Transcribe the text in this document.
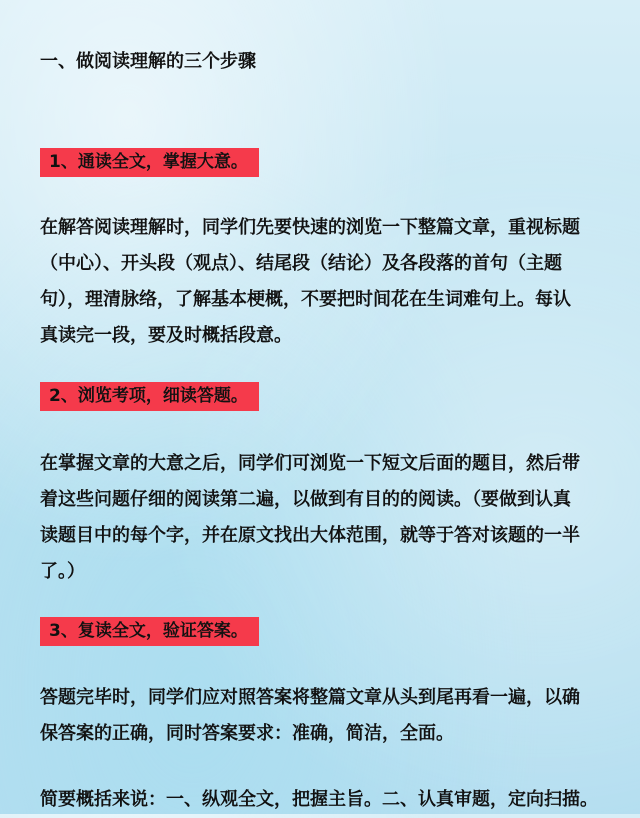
一、做阅读理解的三个步骤
1、通读全文，掌握大意。
在解答阅读理解时，同学们先要快速的浏览一下整篇文章，重视标题
（中心）、开头段（观点）、结尾段（结论）及各段落的首句（主题
句），理清脉络，了解基本梗概，不要把时间花在生词难句上。每认
真读完一段，要及时概括段意。
2、浏览考项，细读答题。
在掌握文章的大意之后，同学们可浏览一下短文后面的题目，然后带
着这些问题仔细的阅读第二遍，以做到有目的的阅读。（要做到认真
读题目中的每个字，并在原文找出大体范围，就等于答对该题的一半
了。）
3、复读全文，验证答案。
答题完毕时，同学们应对照答案将整篇文章从头到尾再看一遍，以确
保答案的正确，同时答案要求：准确，简洁，全面。
简要概括来说：一、纵观全文，把握主旨。二、认真审题，定向扫描。
